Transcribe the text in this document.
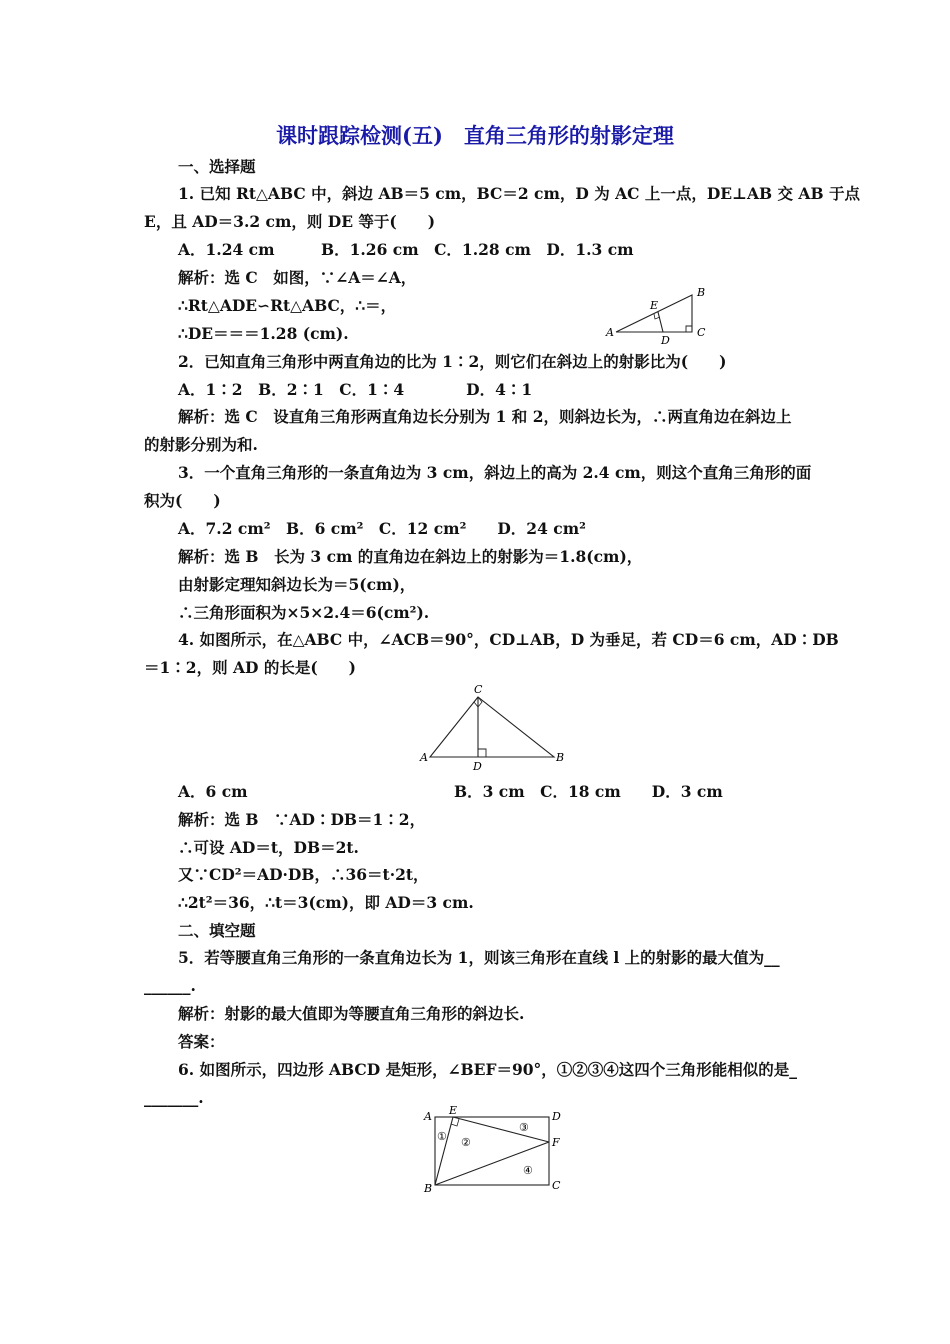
课时跟踪检测(五)　直角三角形的射影定理
一、选择题
1. 已知 Rt△ABC 中，斜边 AB＝5 cm，BC＝2 cm，D 为 AC 上一点，DE⊥AB 交 AB 于点
E，且 AD＝3.2 cm，则 DE 等于(　　)
A．1.24 cm　　　B．1.26 cm　C．1.28 cm　D．1.3 cm
解析：选 C　如图，∵∠A＝∠A，
∴Rt△ADE∽Rt△ABC，∴＝，
∴DE＝＝＝1.28 (cm).	A
B
C
D
E
2．已知直角三角形中两直角边的比为 1∶2，则它们在斜边上的射影比为(　　)
A．1∶2　B．2∶1　C．1∶4　　　　D．4∶1
解析：选 C　设直角三角形两直角边长分别为 1 和 2，则斜边长为，∴两直角边在斜边上
的射影分别为和.
3．一个直角三角形的一条直角边为 3 cm，斜边上的高为 2.4 cm，则这个直角三角形的面
积为(　　)
A．7.2 cm²　B．6 cm²　C．12 cm²　　D．24 cm²
解析：选 B　长为 3 cm 的直角边在斜边上的射影为＝1.8(cm)，
由射影定理知斜边长为＝5(cm)，
∴三角形面积为×5×2.4＝6(cm²).
4. 如图所示，在△ABC 中，∠ACB＝90°，CD⊥AB，D 为垂足，若 CD＝6 cm，AD∶DB
＝1∶2，则 AD 的长是(　　)
A
C
B
D
A．6 cm	B．3 cm　C．18 cm　　D．3 cm
解析：选 B　∵AD∶DB＝1∶2，
∴可设 AD＝t，DB＝2t.
又∵CD²＝AD·DB，∴36＝t·2t，
∴2t²＝36，∴t＝3(cm)，即 AD＝3 cm.
二、填空题
5．若等腰直角三角形的一条直角边长为 1，则该三角形在直线 l 上的射影的最大值为__
______.
解析：射影的最大值即为等腰直角三角形的斜边长.
答案：
6. 如图所示，四边形 ABCD 是矩形，∠BEF＝90°，①②③④这四个三角形能相似的是_
_______.
A E	D
F
B	C
① ②
③
④
